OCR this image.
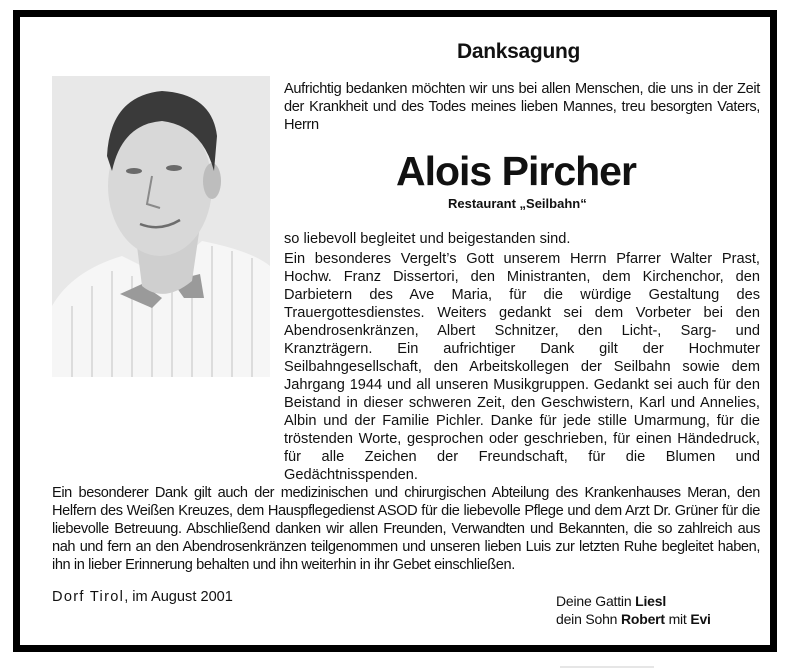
Danksagung
Aufrichtig bedanken möchten wir uns bei allen Menschen, die uns in der Zeit der Krankheit und des Todes meines lieben Mannes, treu besorgten Vaters, Herrn
Alois Pircher
Restaurant „Seilbahn“

so liebevoll begleitet und beigestanden sind.

Ein besonderes Vergelt’s Gott unserem Herrn Pfarrer Walter Prast, Hochw. Franz Dissertori, den Ministranten, dem Kirchenchor, den Darbietern des Ave Maria, für die würdige Gestaltung des Trauergottesdienstes. Weiters gedankt sei dem Vorbeter bei den Abendrosenkränzen, Albert Schnitzer, den Licht-, Sarg- und Kranzträgern. Ein aufrichtiger Dank gilt der Hochmuter Seilbahngesellschaft, den Arbeitskollegen der Seilbahn sowie dem Jahrgang 1944 und all unseren Musikgruppen. Gedankt sei auch für den Beistand in dieser schweren Zeit, den Geschwistern, Karl und Annelies, Albin und der Familie Pichler. Danke für jede stille Umarmung, für die tröstenden Worte, gesprochen oder geschrieben, für einen Händedruck, für alle Zeichen der Freundschaft, für die Blumen und Gedächtnisspenden.

Ein besonderer Dank gilt auch der medizinischen und chirurgischen Abteilung des Krankenhauses Meran, den Helfern des Weißen Kreuzes, dem Hauspflegedienst ASOD für die liebevolle Pflege und dem Arzt Dr. Grüner für die liebevolle Betreuung. Abschließend danken wir allen Freunden, Verwandten und Bekannten, die so zahlreich aus nah und fern an den Abendrosenkränzen teilgenommen und unseren lieben Luis zur letzten Ruhe begleitet haben, ihn in lieber Erinnerung behalten und ihn weiterhin in ihr Gebet einschließen.
Dorf Tirol, im August 2001	Deine Gattin Liesl
dein Sohn Robert mit Evi
